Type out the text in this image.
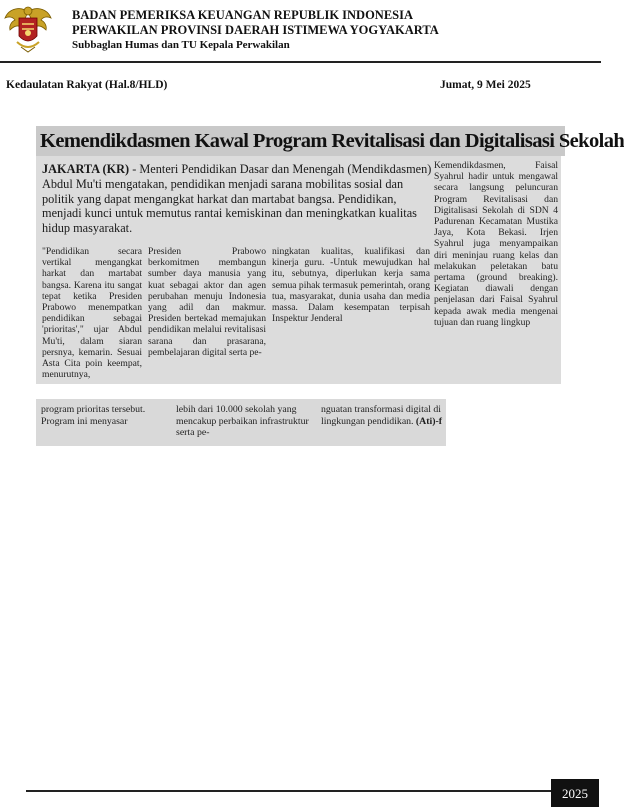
BADAN PEMERIKSA KEUANGAN REPUBLIK INDONESIA
PERWAKILAN PROVINSI DAERAH ISTIMEWA YOGYAKARTA
Subbaglan Humas dan TU Kepala Perwakilan
Kedaulatan Rakyat (Hal.8/HLD)	Jumat, 9 Mei 2025
Kemendikdasmen Kawal Program Revitalisasi dan Digitalisasi Sekolah
JAKARTA (KR) - Menteri Pendidikan Dasar dan Menengah (Mendikdasmen) Abdul Mu'ti mengatakan, pendidikan menjadi sarana mobilitas sosial dan politik yang dapat mengangkat harkat dan martabat bangsa. Pendidikan, menjadi kunci untuk memutus rantai kemiskinan dan meningkatkan kualitas hidup masyarakat.
"Pendidikan secara vertikal mengangkat harkat dan martabat bangsa. Karena itu sangat tepat ketika Presiden Prabowo menempatkan pendidikan sebagai 'prioritas'," ujar Abdul Mu'ti, dalam siaran persnya, kemarin. Sesuai Asta Cita poin keempat, menurutnya,
Presiden Prabowo berkomitmen membangun sumber daya manusia yang kuat sebagai aktor dan agen perubahan menuju Indonesia yang adil dan makmur. Presiden bertekad memajukan pendidikan melalui revitalisasi sarana dan prasarana, pembelajaran digital serta pe-
ningkatan kualitas, kualifikasi dan kinerja guru. -Untuk mewujudkan hal itu, sebutnya, diperlukan kerja sama semua pihak termasuk pemerintah, orang tua, masyarakat, dunia usaha dan media massa. Dalam kesempatan terpisah Inspektur Jenderal
Kemendikdasmen, Faisal Syahrul hadir untuk mengawal secara langsung peluncuran Program Revitalisasi dan Digitalisasi Sekolah di SDN 4 Padurenan Kecamatan Mustika Jaya, Kota Bekasi. Irjen Syahrul juga menyampaikan diri meninjau ruang kelas dan melakukan peletakan batu pertama (ground breaking). Kegiatan diawali dengan penjelasan dari Faisal Syahrul kepada awak media mengenai tujuan dan ruang lingkup
program prioritas tersebut. Program ini menyasar
lebih dari 10.000 sekolah yang mencakup perbaikan infrastruktur serta pe-
nguatan transformasi digital di lingkungan pendidikan. (Ati)-f
2025
